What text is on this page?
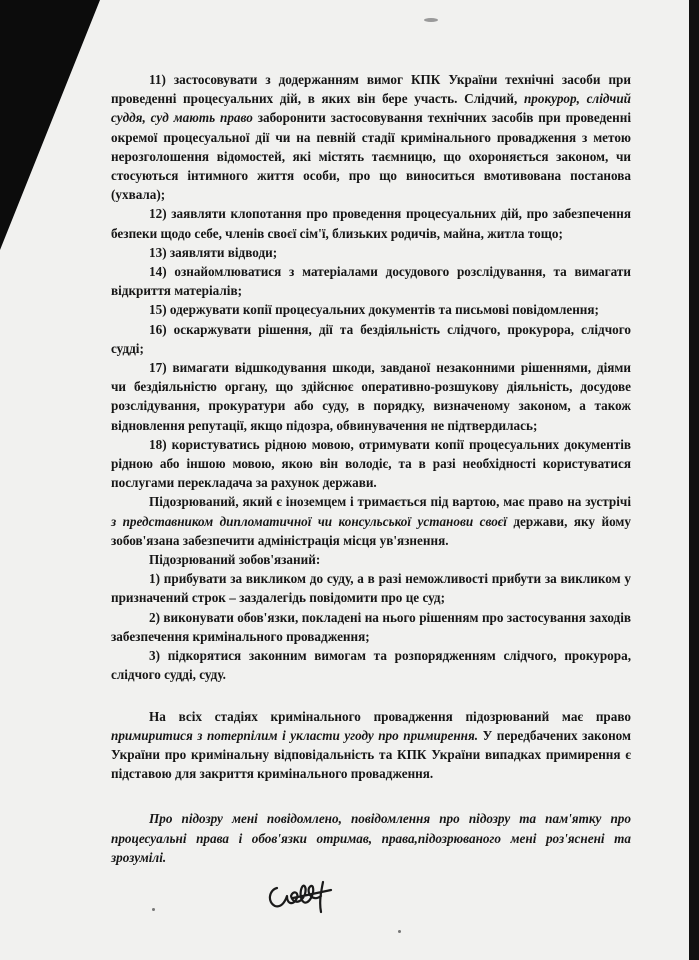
11) застосовувати з додержанням вимог КПК України технічні засоби при проведенні процесуальних дій, в яких він бере участь. Слідчий, прокурор, слідчий суддя, суд мають право заборонити застосовування технічних засобів при проведенні окремої процесуальної дії чи на певній стадії кримінального провадження з метою нерозголошення відомостей, які містять таємницю, що охороняється законом, чи стосуються інтимного життя особи, про що виноситься вмотивована постанова (ухвала);

12) заявляти клопотання про проведення процесуальних дій, про забезпечення безпеки щодо себе, членів своєї сім'ї, близьких родичів, майна, житла тощо;

13) заявляти відводи;

14) ознайомлюватися з матеріалами досудового розслідування, та вимагати відкриття матеріалів;

15) одержувати копії процесуальних документів та письмові повідомлення;

16) оскаржувати рішення, дії та бездіяльність слідчого, прокурора, слідчого судді;

17) вимагати відшкодування шкоди, завданої незаконними рішеннями, діями чи бездіяльністю органу, що здійснює оперативно-розшукову діяльність, досудове розслідування, прокуратури або суду, в порядку, визначеному законом, а також відновлення репутації, якщо підозра, обвинувачення не підтвердилась;

18) користуватись рідною мовою, отримувати копії процесуальних документів рідною або іншою мовою, якою він володіє, та в разі необхідності користуватися послугами перекладача за рахунок держави.

Підозрюваний, який є іноземцем і тримається під вартою, має право на зустрічі з представником дипломатичної чи консульської установи своєї держави, яку йому зобов'язана забезпечити адміністрація місця ув'язнення.

Підозрюваний зобов'язаний:

1) прибувати за викликом до суду, а в разі неможливості прибути за викликом у призначений строк – заздалегідь повідомити про це суд;

2) виконувати обов'язки, покладені на нього рішенням про застосування заходів забезпечення кримінального провадження;

3) підкорятися законним вимогам та розпорядженням слідчого, прокурора, слідчого судді, суду.

На всіх стадіях кримінального провадження підозрюваний має право примиритися з потерпілим і укласти угоду про примирення. У передбачених законом України про кримінальну відповідальність та КПК України випадках примирення є підставою для закриття кримінального провадження.

Про підозру мені повідомлено, повідомлення про підозру та пам'ятку про процесуальні права і обов'язки отримав, права,підозрюваного мені роз'яснені та зрозумілі.
